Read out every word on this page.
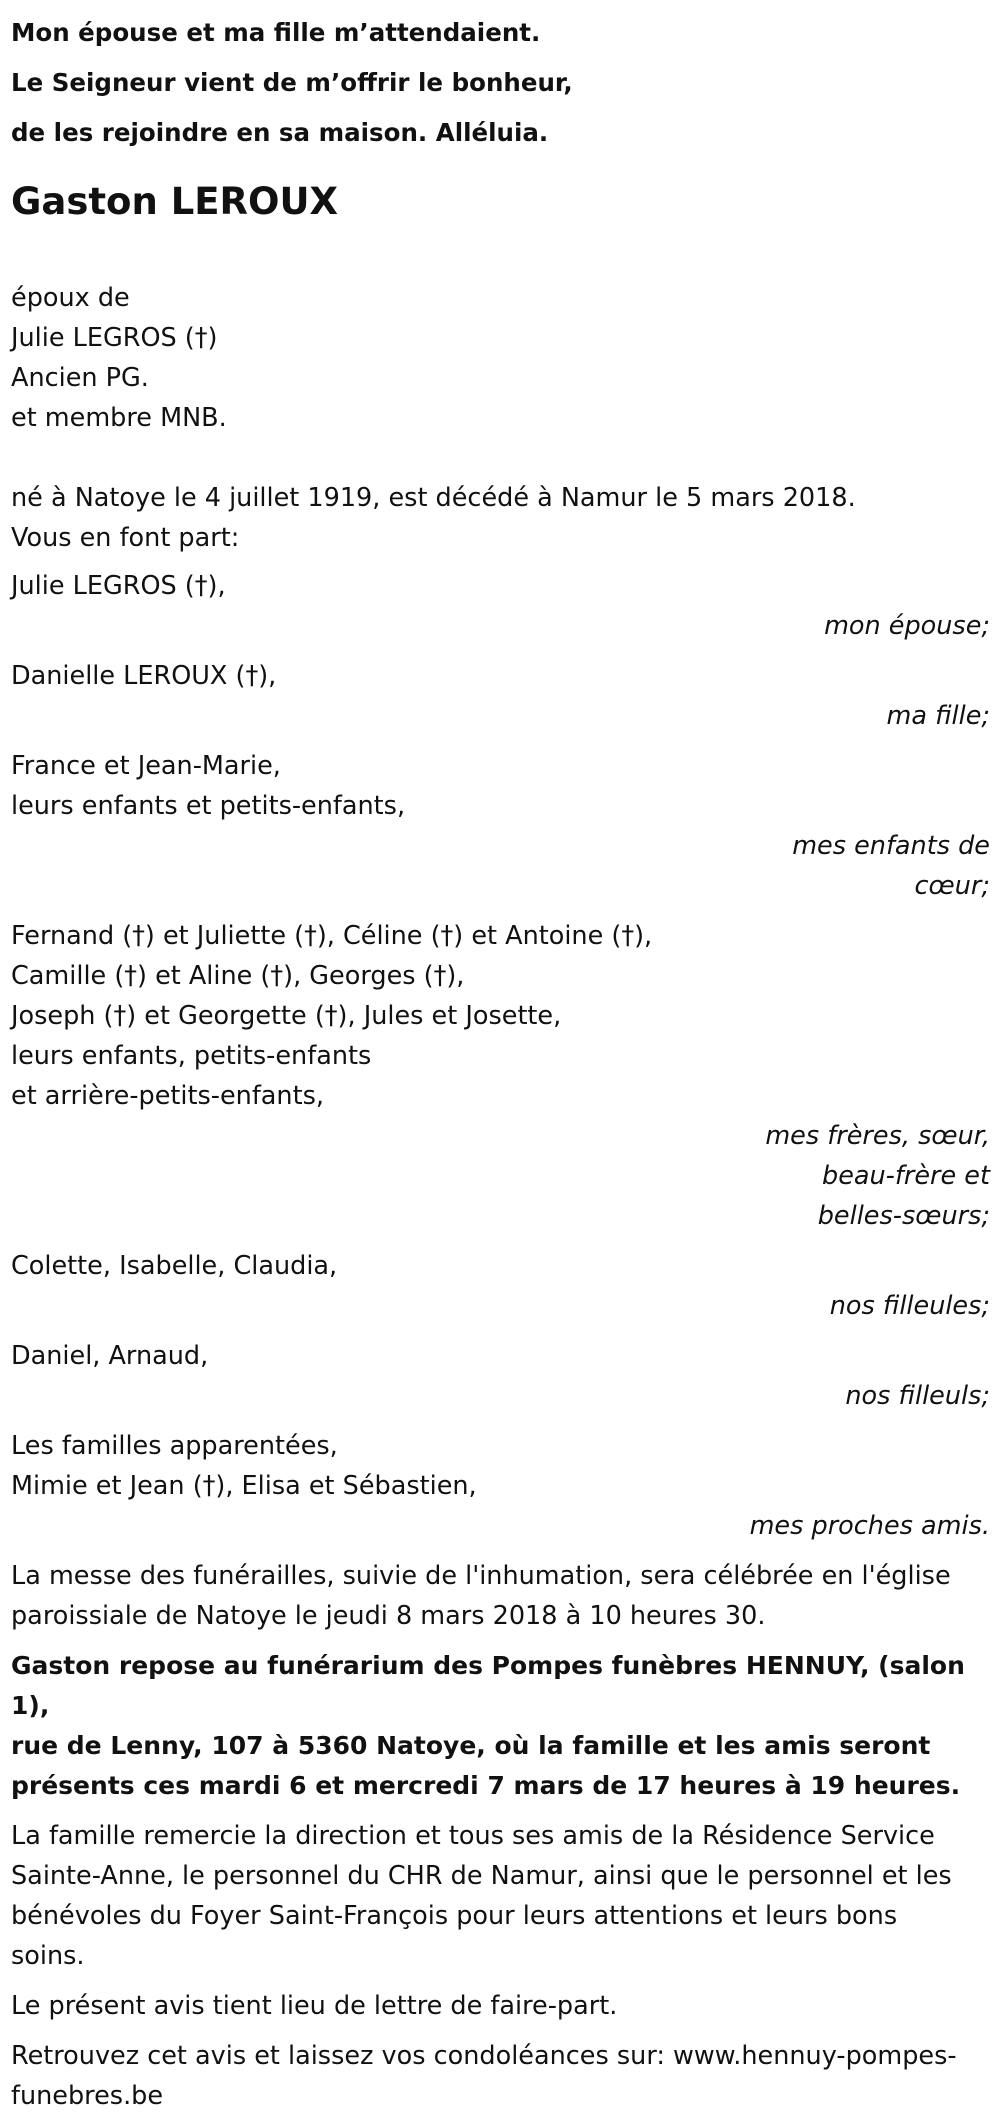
Mon épouse et ma fille m’attendaient.
Le Seigneur vient de m’offrir le bonheur,
de les rejoindre en sa maison. Alléluia.
Gaston LEROUX
époux de
Julie LEGROS (†)
Ancien PG.
et membre MNB.
né à Natoye le 4 juillet 1919, est décédé à Namur le 5 mars 2018.
Vous en font part:
Julie LEGROS (†),
mon épouse;
Danielle LEROUX (†),
ma fille;
France et Jean-Marie,
leurs enfants et petits-enfants,
mes enfants de
cœur;
Fernand (†) et Juliette (†), Céline (†) et Antoine (†),
Camille (†) et Aline (†), Georges (†),
Joseph (†) et Georgette (†), Jules et Josette,
leurs enfants, petits-enfants
et arrière-petits-enfants,
mes frères, sœur,
beau-frère et
belles-sœurs;
Colette, Isabelle, Claudia,
nos filleules;
Daniel, Arnaud,
nos filleuls;
Les familles apparentées,
Mimie et Jean (†), Elisa et Sébastien,
mes proches amis.
La messe des funérailles, suivie de l'inhumation, sera célébrée en l'église
paroissiale de Natoye le jeudi 8 mars 2018 à 10 heures 30.
Gaston repose au funérarium des Pompes funèbres HENNUY, (salon 1),
rue de Lenny, 107 à 5360 Natoye, où la famille et les amis seront
présents ces mardi 6 et mercredi 7 mars de 17 heures à 19 heures.
La famille remercie la direction et tous ses amis de la Résidence Service
Sainte-Anne, le personnel du CHR de Namur, ainsi que le personnel et les
bénévoles du Foyer Saint-François pour leurs attentions et leurs bons
soins.
Le présent avis tient lieu de lettre de faire-part.
Retrouvez cet avis et laissez vos condoléances sur: www.hennuy-pompes-
funebres.be
